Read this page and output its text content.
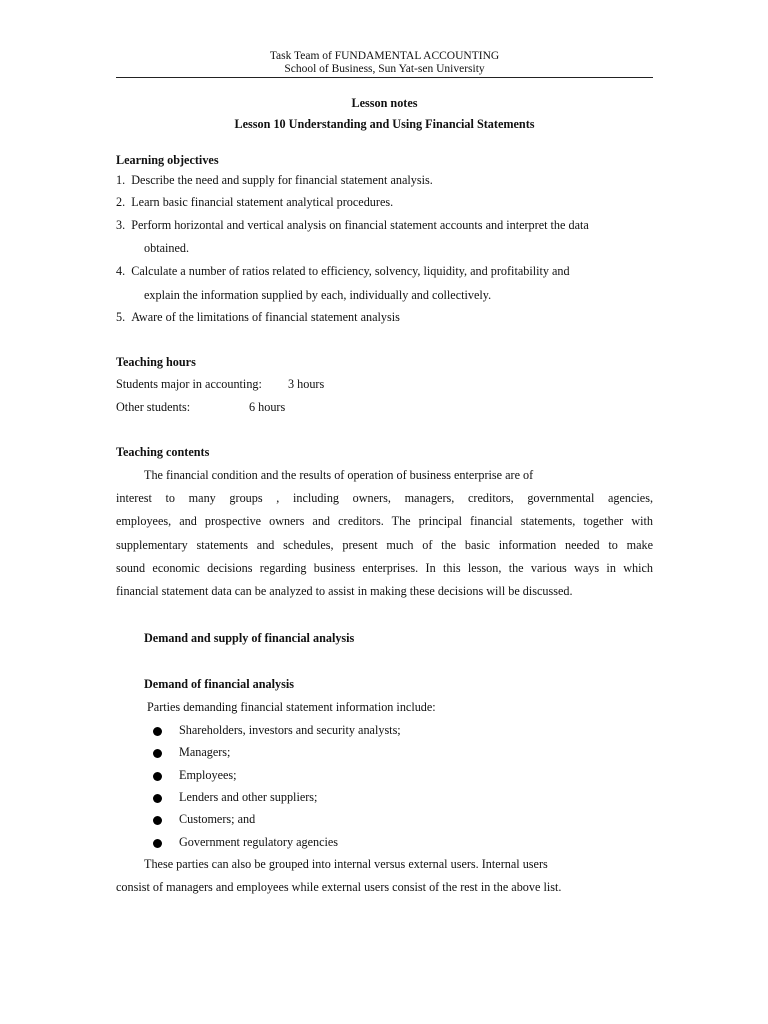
Task Team of FUNDAMENTAL ACCOUNTING
School of Business, Sun Yat-sen University
Lesson notes
Lesson 10 Understanding and Using Financial Statements
Learning objectives
1. Describe the need and supply for financial statement analysis.
2. Learn basic financial statement analytical procedures.
3. Perform horizontal and vertical analysis on financial statement accounts and interpret the data
obtained.
4. Calculate a number of ratios related to efficiency, solvency, liquidity, and profitability and
explain the information supplied by each, individually and collectively.
5. Aware of the limitations of financial statement analysis
Teaching hours
Students major in accounting: 3 hours
Other students:	6 hours
Teaching contents
The financial condition and the results of operation of business enterprise are of
interest to many groups , including owners, managers, creditors, governmental agencies,
employees, and prospective owners and creditors. The principal financial statements, together with
supplementary statements and schedules, present much of the basic information needed to make
sound economic decisions regarding business enterprises. In this lesson, the various ways in which
financial statement data can be analyzed to assist in making these decisions will be discussed.
Demand and supply of financial analysis
Demand of financial analysis
Parties demanding financial statement information include:
Shareholders, investors and security analysts;
Managers;
Employees;
Lenders and other suppliers;
Customers; and
Government regulatory agencies
These parties can also be grouped into internal versus external users. Internal users
consist of managers and employees while external users consist of the rest in the above list.
